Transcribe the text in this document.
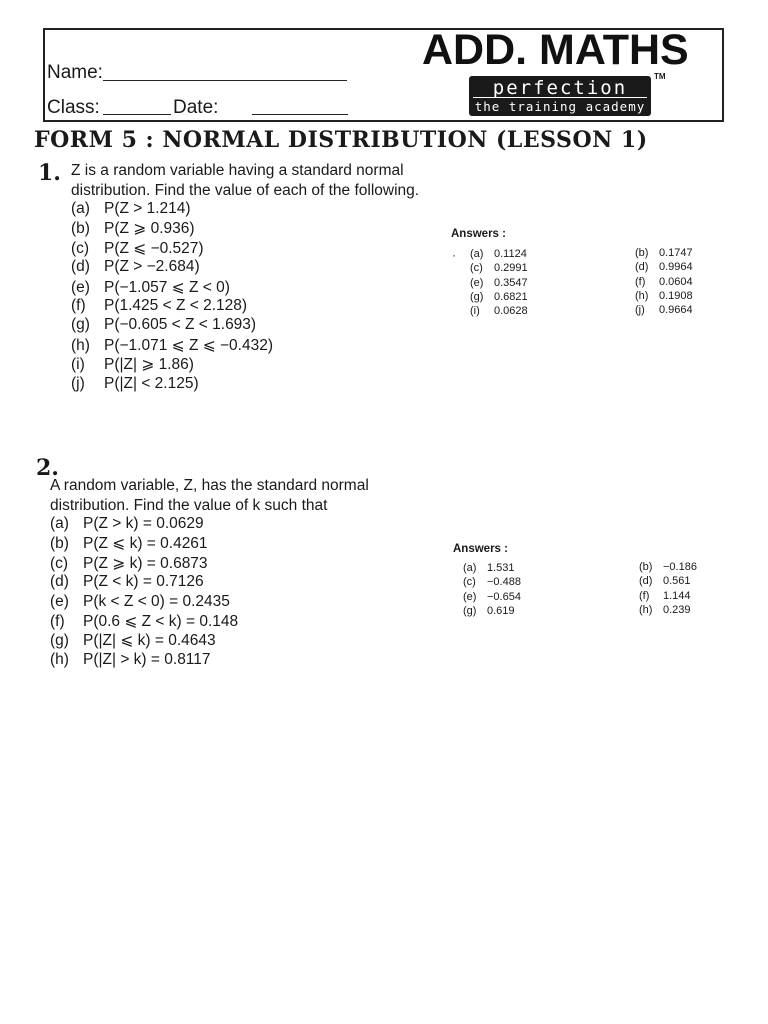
Name:
Class:	Date:
ADD. MATHS
perfection
the training academy
TM
FORM 5 : NORMAL DISTRIBUTION (LESSON 1)
1. Z is a random variable having a standard normal
distribution. Find the value of each of the following.
(a) P(Z > 1.214)
(b) P(Z ⩾ 0.936)
(c) P(Z ⩽ −0.527)
(d) P(Z > −2.684)
(e) P(−1.057 ⩽ Z < 0)
(f) P(1.425 < Z < 2.128)
(g) P(−0.605 < Z < 1.693)
(h) P(−1.071 ⩽ Z ⩽ −0.432)
(i) P(|Z| ⩾ 1.86)
(j) P(|Z| < 2.125)
·
Answers :
(a) 0.1124
(c) 0.2991
(e) 0.3547
(g) 0.6821
(i) 0.0628
(b) 0.1747
(d) 0.9964
(f) 0.0604
(h) 0.1908
(j) 0.9664
2.
A random variable, Z, has the standard normal
distribution. Find the value of k such that
(a) P(Z > k) = 0.0629
(b) P(Z ⩽ k) = 0.4261
(c) P(Z ⩾ k) = 0.6873
(d) P(Z < k) = 0.7126
(e) P(k < Z < 0) = 0.2435
(f) P(0.6 ⩽ Z < k) = 0.148
(g) P(|Z| ⩽ k) = 0.4643
(h) P(|Z| > k) = 0.8117
Answers :
(a) 1.531
(c) −0.488
(e) −0.654
(g) 0.619
(b) −0.186
(d) 0.561
(f) 1.144
(h) 0.239
